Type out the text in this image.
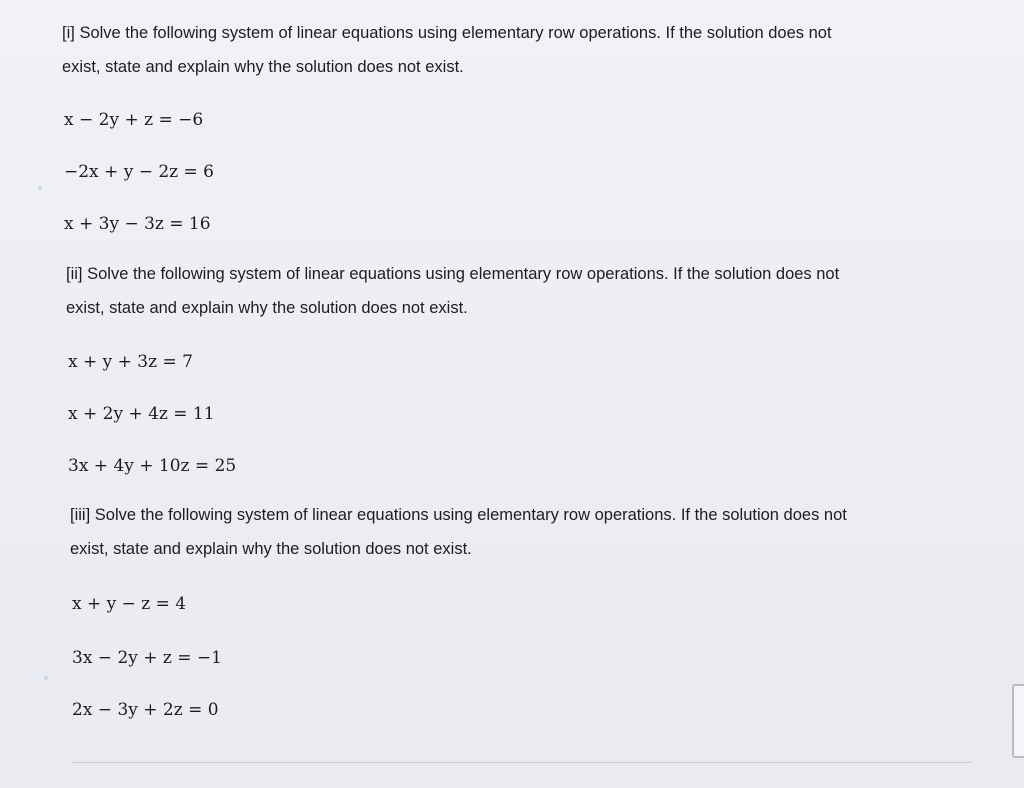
[i] Solve the following system of linear equations using elementary row operations. If the solution does not
exist, state and explain why the solution does not exist.
x − 2y + z = −6
−2x + y − 2z = 6
x + 3y − 3z = 16
[ii] Solve the following system of linear equations using elementary row operations. If the solution does not
exist, state and explain why the solution does not exist.
x + y + 3z = 7
x + 2y + 4z = 11
3x + 4y + 10z = 25
[iii] Solve the following system of linear equations using elementary row operations. If the solution does not
exist, state and explain why the solution does not exist.
x + y − z = 4
3x − 2y + z = −1
2x − 3y + 2z = 0
